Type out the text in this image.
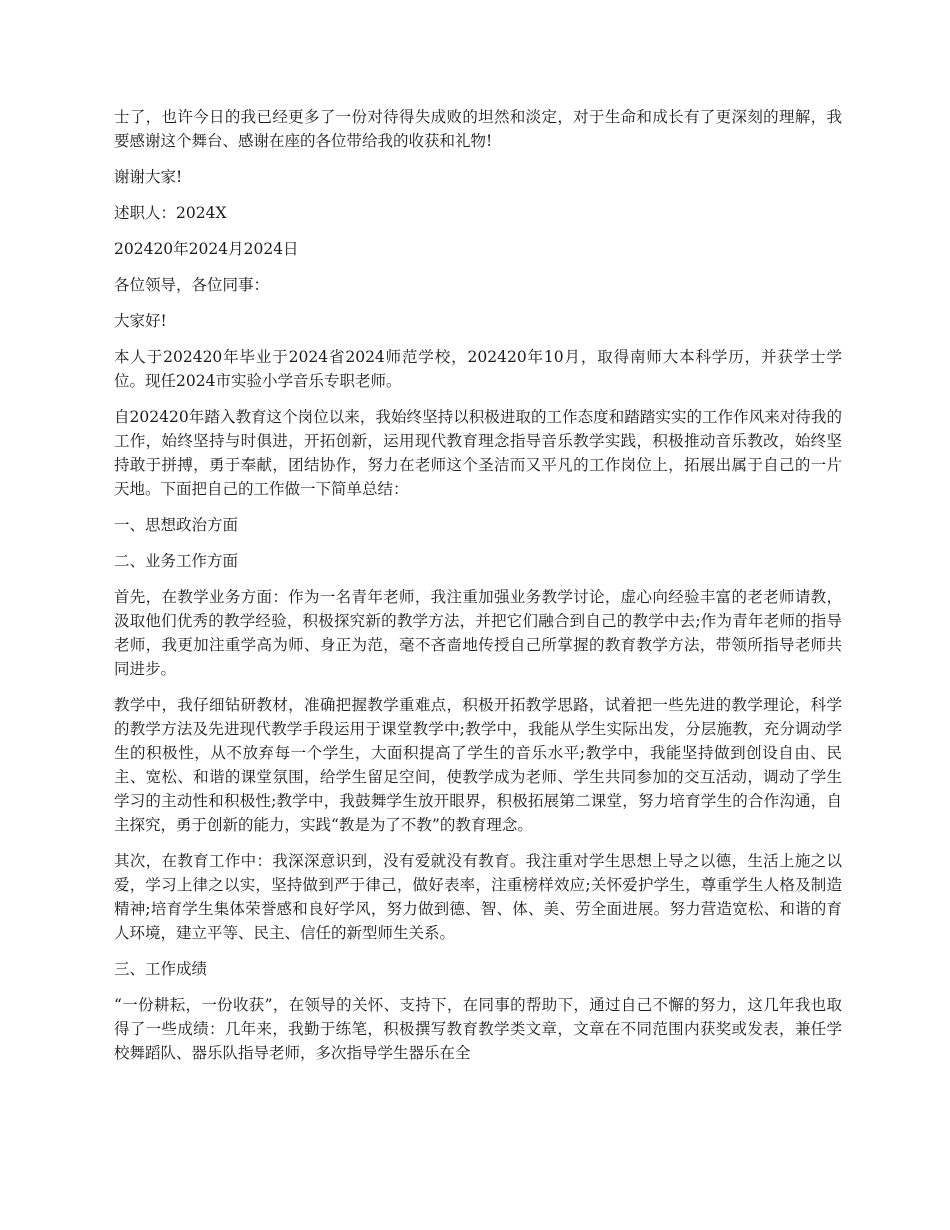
士了，也许今日的我已经更多了一份对待得失成败的坦然和淡定，对于生命和成长有了更深刻的理解，我要感谢这个舞台、感谢在座的各位带给我的收获和礼物!

谢谢大家!

述职人：2024X

202420年2024月2024日

各位领导，各位同事：

大家好!

本人于202420年毕业于2024省2024师范学校，202420年10月，取得南师大本科学历，并获学士学位。现任2024市实验小学音乐专职老师。

自202420年踏入教育这个岗位以来，我始终坚持以积极进取的工作态度和踏踏实实的工作作风来对待我的工作，始终坚持与时俱进，开拓创新，运用现代教育理念指导音乐教学实践，积极推动音乐教改，始终坚持敢于拼搏，勇于奉献，团结协作，努力在老师这个圣洁而又平凡的工作岗位上，拓展出属于自己的一片天地。下面把自己的工作做一下简单总结：

一、思想政治方面

二、业务工作方面

首先，在教学业务方面：作为一名青年老师，我注重加强业务教学讨论，虚心向经验丰富的老老师请教，汲取他们优秀的教学经验，积极探究新的教学方法，并把它们融合到自己的教学中去;作为青年老师的指导老师，我更加注重学高为师、身正为范，毫不吝啬地传授自己所掌握的教育教学方法，带领所指导老师共同进步。

教学中，我仔细钻研教材，准确把握教学重难点，积极开拓教学思路，试着把一些先进的教学理论，科学的教学方法及先进现代教学手段运用于课堂教学中;教学中，我能从学生实际出发，分层施教，充分调动学生的积极性，从不放弃每一个学生，大面积提高了学生的音乐水平;教学中，我能坚持做到创设自由、民主、宽松、和谐的课堂氛围，给学生留足空间，使教学成为老师、学生共同参加的交互活动，调动了学生学习的主动性和积极性;教学中，我鼓舞学生放开眼界，积极拓展第二课堂，努力培育学生的合作沟通，自主探究，勇于创新的能力，实践“教是为了不教”的教育理念。

其次，在教育工作中：我深深意识到，没有爱就没有教育。我注重对学生思想上导之以德，生活上施之以爱，学习上律之以实，坚持做到严于律己，做好表率，注重榜样效应;关怀爱护学生，尊重学生人格及制造精神;培育学生集体荣誉感和良好学风，努力做到德、智、体、美、劳全面进展。努力营造宽松、和谐的育人环境，建立平等、民主、信任的新型师生关系。

三、工作成绩

“一份耕耘，一份收获”，在领导的关怀、支持下，在同事的帮助下，通过自己不懈的努力，这几年我也取得了一些成绩：几年来，我勤于练笔，积极撰写教育教学类文章，文章在不同范围内获奖或发表，兼任学校舞蹈队、器乐队指导老师，多次指导学生器乐在全
